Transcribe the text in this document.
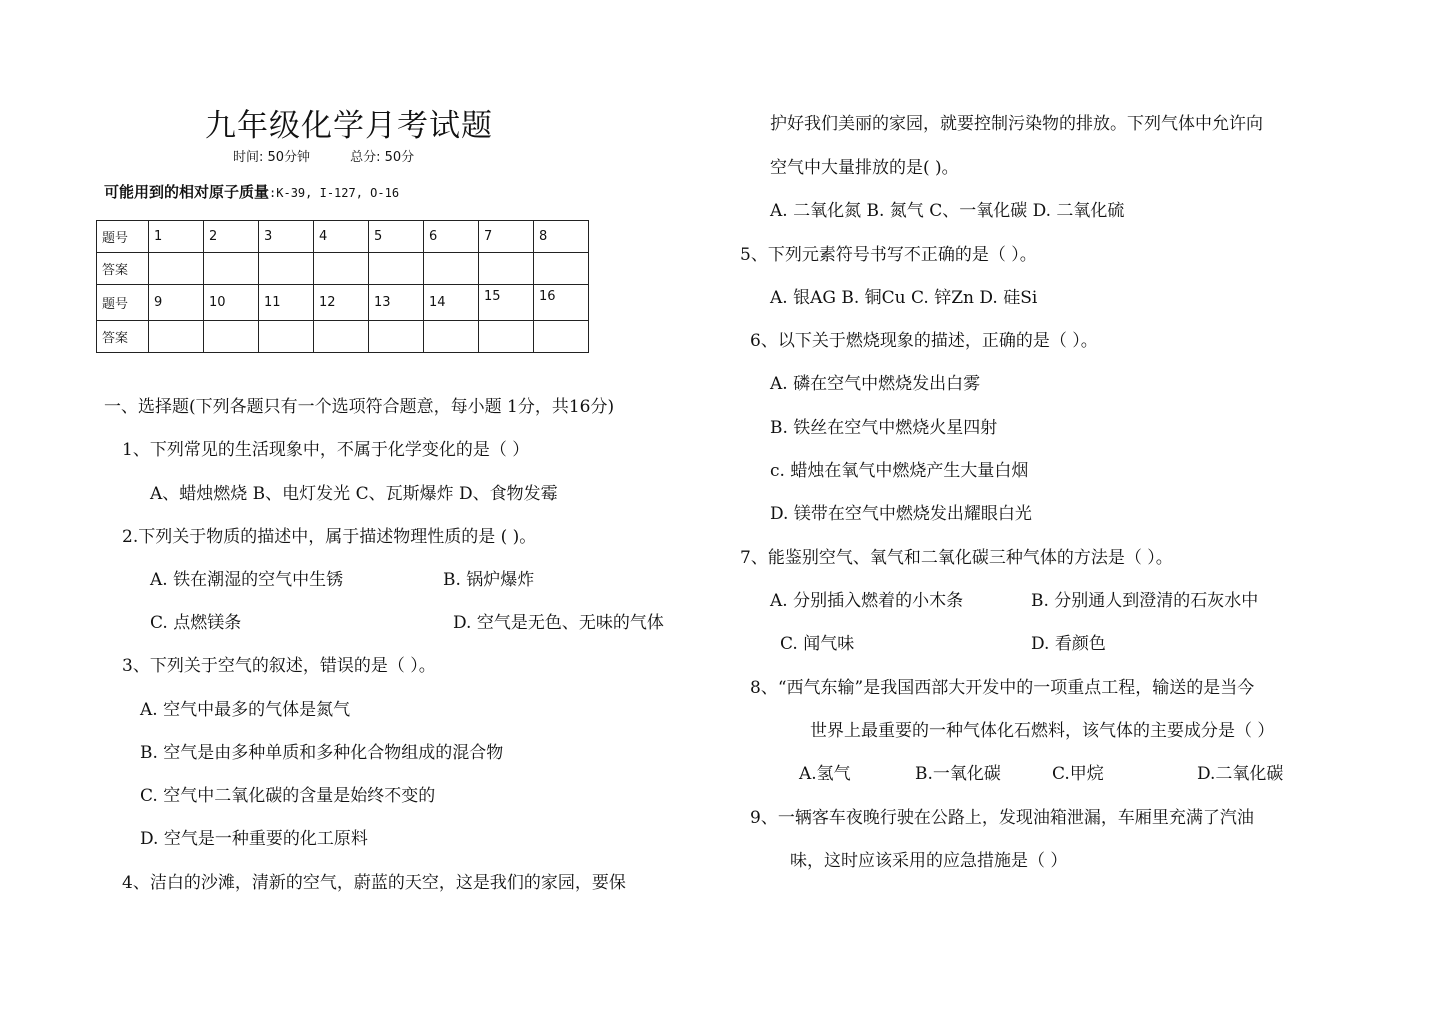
九年级化学月考试题
时间: 50分钟	总分: 50分
可能用到的相对原子质量:K-39, I-127, O-16
题号	1	2	3	4	5	6	7	8
答案								
题号	9	10	11	12	13	14	15	16
答案								
一、选择题(下列各题只有一个选项符合题意，每小题 1分，共16分)
1、下列常见的生活现象中，不属于化学变化的是（ ）
A、蜡烛燃烧 B、电灯发光 C、瓦斯爆炸 D、食物发霉
2.下列关于物质的描述中，属于描述物理性质的是 ( )。
A. 铁在潮湿的空气中生锈	B. 锅炉爆炸
C. 点燃镁条	D. 空气是无色、无味的气体
3、下列关于空气的叙述，错误的是（ ）。
A. 空气中最多的气体是氮气
B. 空气是由多种单质和多种化合物组成的混合物
C. 空气中二氧化碳的含量是始终不变的
D. 空气是一种重要的化工原料
4、洁白的沙滩，清新的空气，蔚蓝的天空，这是我们的家园，要保
护好我们美丽的家园，就要控制污染物的排放。下列气体中允许向
空气中大量排放的是( )。
A. 二氧化氮 B. 氮气 C、一氧化碳 D. 二氧化硫
5、下列元素符号书写不正确的是（ ）。
A. 银AG B. 铜Cu C. 锌Zn D. 硅Si
6、以下关于燃烧现象的描述，正确的是（ ）。
A. 磷在空气中燃烧发出白雾
B. 铁丝在空气中燃烧火星四射
c. 蜡烛在氧气中燃烧产生大量白烟
D. 镁带在空气中燃烧发出耀眼白光
7、能鉴别空气、氧气和二氧化碳三种气体的方法是（ ）。
A. 分别插入燃着的小木条	B. 分别通人到澄清的石灰水中
C. 闻气味	D. 看颜色
8、“西气东输”是我国西部大开发中的一项重点工程，输送的是当今
世界上最重要的一种气体化石燃料，该气体的主要成分是（ ）
A.氢气	B.一氧化碳	C.甲烷	D.二氧化碳
9、一辆客车夜晚行驶在公路上，发现油箱泄漏，车厢里充满了汽油
味，这时应该采用的应急措施是（ ）
